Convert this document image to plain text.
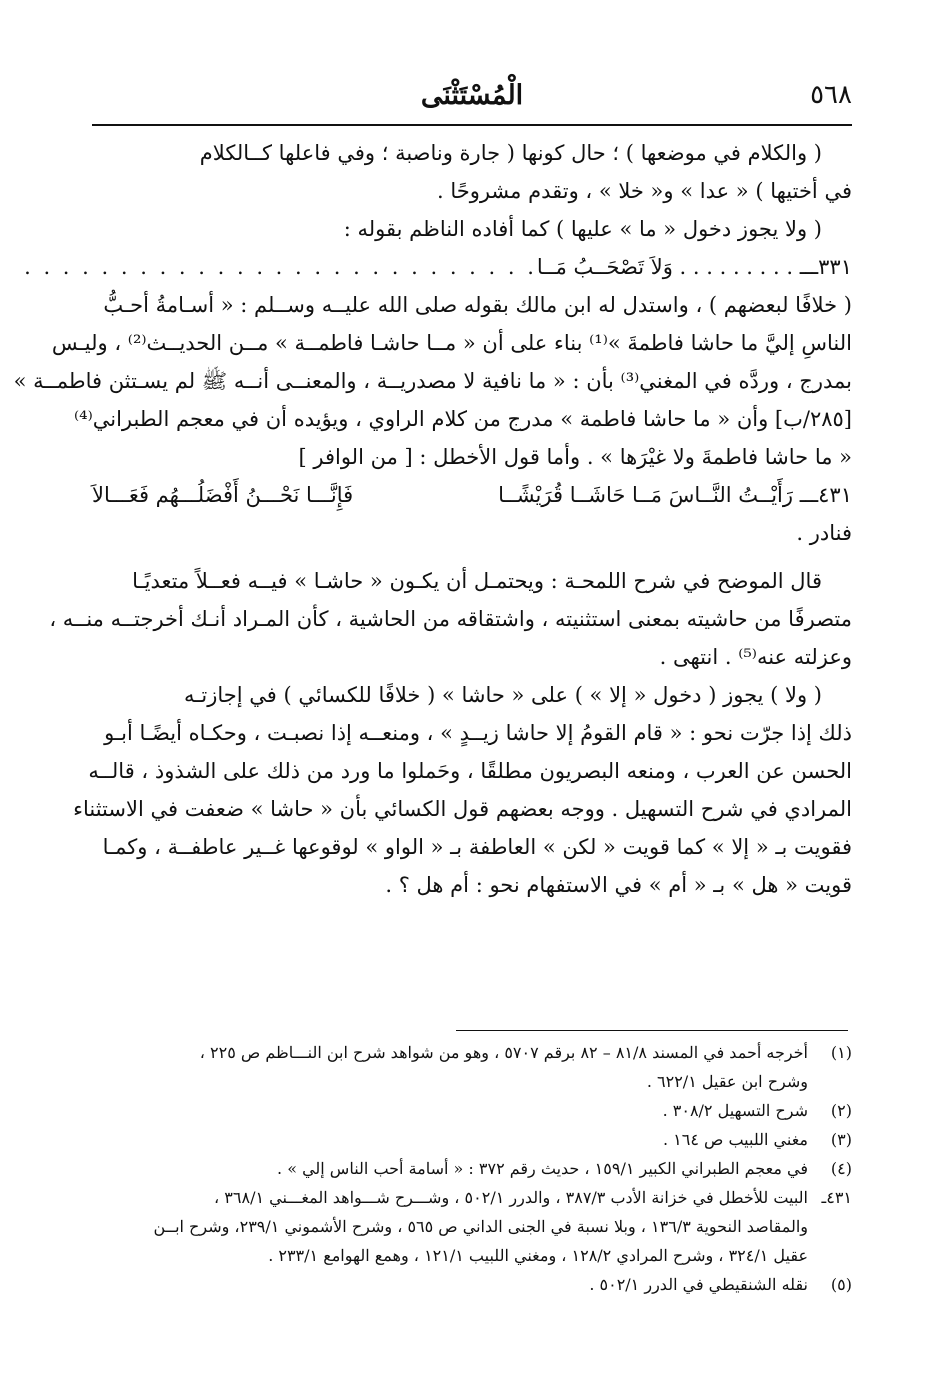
٥٦٨
الْمُسْتَثْنَى
( والكلام في موضعها ) ؛ حال كونها ( جارة وناصبة ؛ وفي فاعلها كــالكلام
في أختيها ) « عدا » و« خلا » ، وتقدم مشروحًا .
( ولا يجوز دخول « ما » عليها ) كما أفاده الناظم بقوله :
٣٣١ـــ . . . . . . . . . وَلاَ تَصْحَــبُ مَــا
. . . . . . . . . . . . . . . . . . . . . . . . . . .
( خلافًا لبعضهم ) ، واستدل له ابن مالك بقوله صلى الله عليــه وســلم : « أسـامةُ أحـبُّ
الناسِ إليَّ ما حاشا فاطمةَ »⁽¹⁾ بناء على أن « مــا حاشـا فاطمــة » مــن الحديــث⁽²⁾ ، وليـس
بمدرج ، وردَّه في المغني⁽³⁾ بأن : « ما نافية لا مصدريــة ، والمعنــى أنــه ﷺ لم يسـتثن فاطمــة »
[٢٨٥/ب] وأن « ما حاشا فاطمة » مدرج من كلام الراوي ، ويؤيده أن في معجم الطبراني⁽⁴⁾
« ما حاشا فاطمةَ ولا غيْرَها » . وأما قول الأخطل : [ من الوافر ]
٤٣١ـــ رَأَيْــتُ النَّــاسَ مَــا حَاشَــا قُرَيْشًــا
فَإِنَّـــا نَحْـــنُ أَفْضَلُـــهُم فَعَـــالاَ
فنادر .
قال الموضح في شرح اللمحـة : ويحتمـل أن يكـون « حاشـا » فيــه فعــلاً متعديًـا
متصرفًا من حاشيته بمعنى استثنيته ، واشتقاقه من الحاشية ، كأن المـراد أنـك أخرجتــه منــه ،
وعزلته عنه⁽⁵⁾ . انتهى .
( ولا ) يجوز ( دخول « إلا » ) على « حاشا » ( خلافًا للكسائي ) في إجازتـه
ذلك إذا جرّت نحو : « قام القومُ إلا حاشا زيــدٍ » ، ومنعــه إذا نصبـت ، وحكـاه أيضًـا أبـو
الحسن عن العرب ، ومنعه البصريون مطلقًا ، وحَملوا ما ورد من ذلك على الشذوذ ، قالــه
المرادي في شرح التسهيل . ووجه بعضهم قول الكسائي بأن « حاشا » ضعفت في الاستثناء
فقويت بـ « إلا » كما قويت « لكن » العاطفة بـ « الواو » لوقوعها غــير عاطفــة ، وكمـا
قويت « هل » بـ « أم » في الاستفهام نحو : أم هل ؟ .
(١)أخرجه أحمد في المسند ٨١/٨ – ٨٢ برقم ٥٧٠٧ ، وهو من شواهد شرح ابن النـــاظم ص ٢٢٥ ،
وشرح ابن عقيل ٦٢٢/١ .
(٢)شرح التسهيل ٣٠٨/٢ .
(٣)مغني اللبيب ص ١٦٤ .
(٤)في معجم الطبراني الكبير ١٥٩/١ ، حديث رقم ٣٧٢ : « أسامة أحب الناس إلي » .
٤٣١ـالبيت للأخطل في خزانة الأدب ٣٨٧/٣ ، والدرر ٥٠٢/١ ، وشـــرح شـــواهد المغـــني ٣٦٨/١ ،
والمقاصد النحوية ١٣٦/٣ ، وبلا نسبة في الجنى الداني ص ٥٦٥ ، وشرح الأشموني ٢٣٩/١، وشرح ابــن
عقيل ٣٢٤/١ ، وشرح المرادي ١٢٨/٢ ، ومغني اللبيب ١٢١/١ ، وهمع الهوامع ٢٣٣/١ .
(٥)نقله الشنقيطي في الدرر ٥٠٢/١ .
